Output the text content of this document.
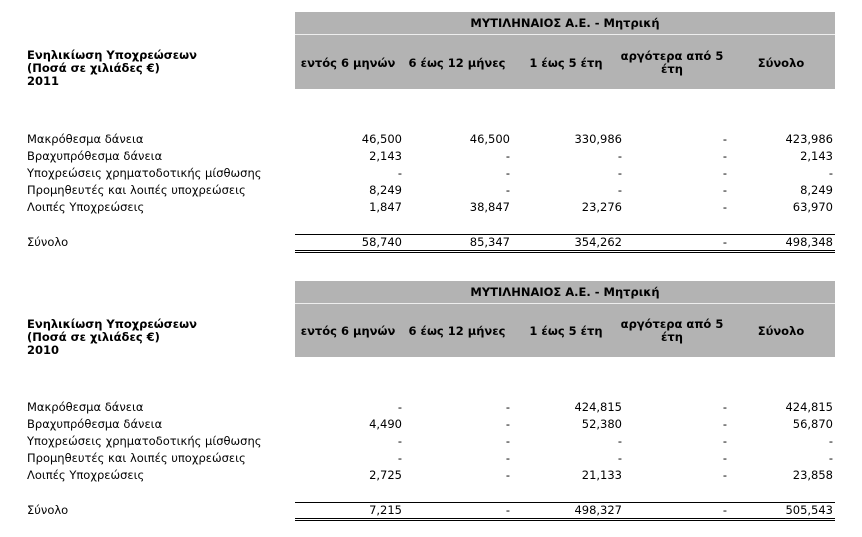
ΜΥΤΙΛΗΝΑΙΟΣ Α.Ε. - Μητρική
εντός 6 μηνών	6 έως 12 μήνες	1 έως 5 έτη	αργότερα από 5 έτη	Σύνολο
Ενηλικίωση Υποχρεώσεων
(Ποσά σε χιλιάδες €)
2011
Μακρόθεσμα δάνεια	46,500	46,500	330,986	-	423,986
Βραχυπρόθεσμα δάνεια	2,143	-	-	-	2,143
Υποχρεώσεις χρηματοδοτικής μίσθωσης	-	-	-	-	-
Προμηθευτές και λοιπές υποχρεώσεις	8,249	-	-	-	8,249
Λοιπές Υποχρεώσεις	1,847	38,847	23,276	-	63,970
Σύνολο	58,740	85,347	354,262	-	498,348
ΜΥΤΙΛΗΝΑΙΟΣ Α.Ε. - Μητρική
εντός 6 μηνών	6 έως 12 μήνες	1 έως 5 έτη	αργότερα από 5 έτη	Σύνολο
Ενηλικίωση Υποχρεώσεων
(Ποσά σε χιλιάδες €)
2010
Μακρόθεσμα δάνεια	-	-	424,815	-	424,815
Βραχυπρόθεσμα δάνεια	4,490	-	52,380	-	56,870
Υποχρεώσεις χρηματοδοτικής μίσθωσης	-	-	-	-	-
Προμηθευτές και λοιπές υποχρεώσεις	-	-	-	-	-
Λοιπές Υποχρεώσεις	2,725	-	21,133	-	23,858
Σύνολο	7,215	-	498,327	-	505,543
